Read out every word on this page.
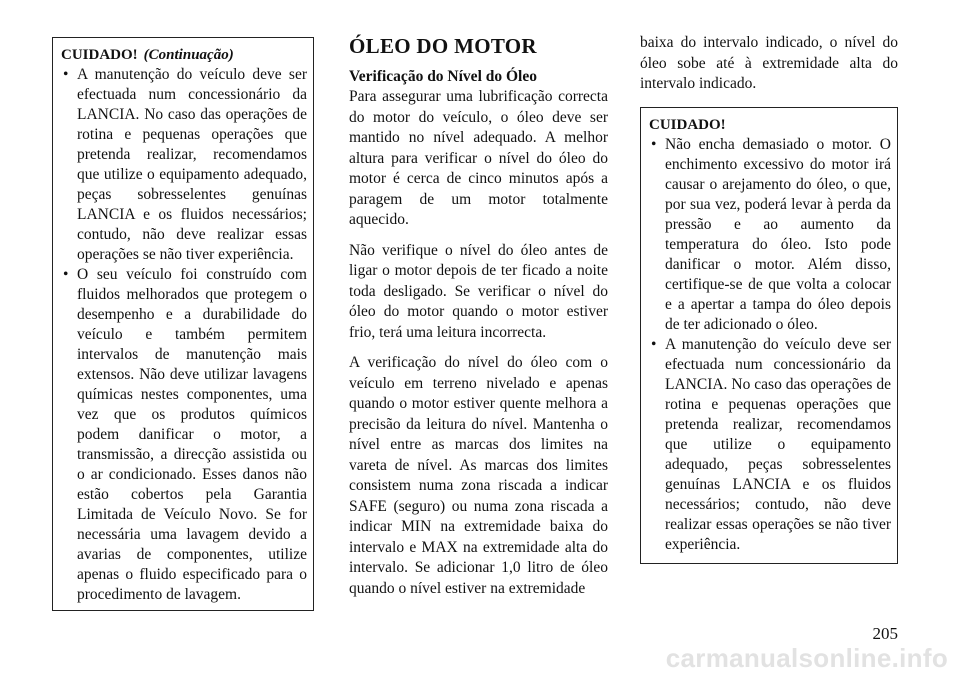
CUIDADO! (Continuação)
• A manutenção do veículo deve ser efectuada num concessionário da LANCIA. No caso das operações de rotina e pequenas operações que pretenda realizar, recomendamos que utilize o equipamento adequado, peças sobresselentes genuínas LANCIA e os fluidos necessários; contudo, não deve realizar essas operações se não tiver experiência.
• O seu veículo foi construído com fluidos melhorados que protegem o desempenho e a durabilidade do veículo e também permitem intervalos de manutenção mais extensos. Não deve utilizar lavagens químicas nestes componentes, uma vez que os produtos químicos podem danificar o motor, a transmissão, a direcção assistida ou o ar condicionado. Esses danos não estão cobertos pela Garantia Limitada de Veículo Novo. Se for necessária uma lavagem devido a avarias de componentes, utilize apenas o fluido especificado para o procedimento de lavagem.
ÓLEO DO MOTOR
Verificação do Nível do Óleo

Para assegurar uma lubrificação correcta do motor do veículo, o óleo deve ser mantido no nível adequado. A melhor altura para verificar o nível do óleo do motor é cerca de cinco minutos após a paragem de um motor totalmente aquecido.

Não verifique o nível do óleo antes de ligar o motor depois de ter ficado a noite toda desligado. Se verificar o nível do óleo do motor quando o motor estiver frio, terá uma leitura incorrecta.

A verificação do nível do óleo com o veículo em terreno nivelado e apenas quando o motor estiver quente melhora a precisão da leitura do nível. Mantenha o nível entre as marcas dos limites na vareta de nível. As marcas dos limites consistem numa zona riscada a indicar SAFE (seguro) ou numa zona riscada a indicar MIN na extremidade baixa do intervalo e MAX na extremidade alta do intervalo. Se adicionar 1,0 litro de óleo quando o nível estiver na extremidade

baixa do intervalo indicado, o nível do óleo sobe até à extremidade alta do intervalo indicado.

CUIDADO!
• Não encha demasiado o motor. O enchimento excessivo do motor irá causar o arejamento do óleo, o que, por sua vez, poderá levar à perda da pressão e ao aumento da temperatura do óleo. Isto pode danificar o motor. Além disso, certifique-se de que volta a colocar e a apertar a tampa do óleo depois de ter adicionado o óleo.
• A manutenção do veículo deve ser efectuada num concessionário da LANCIA. No caso das operações de rotina e pequenas operações que pretenda realizar, recomendamos que utilize o equipamento adequado, peças sobresselentes genuínas LANCIA e os fluidos necessários; contudo, não deve realizar essas operações se não tiver experiência.
205
carmanualsonline.info
